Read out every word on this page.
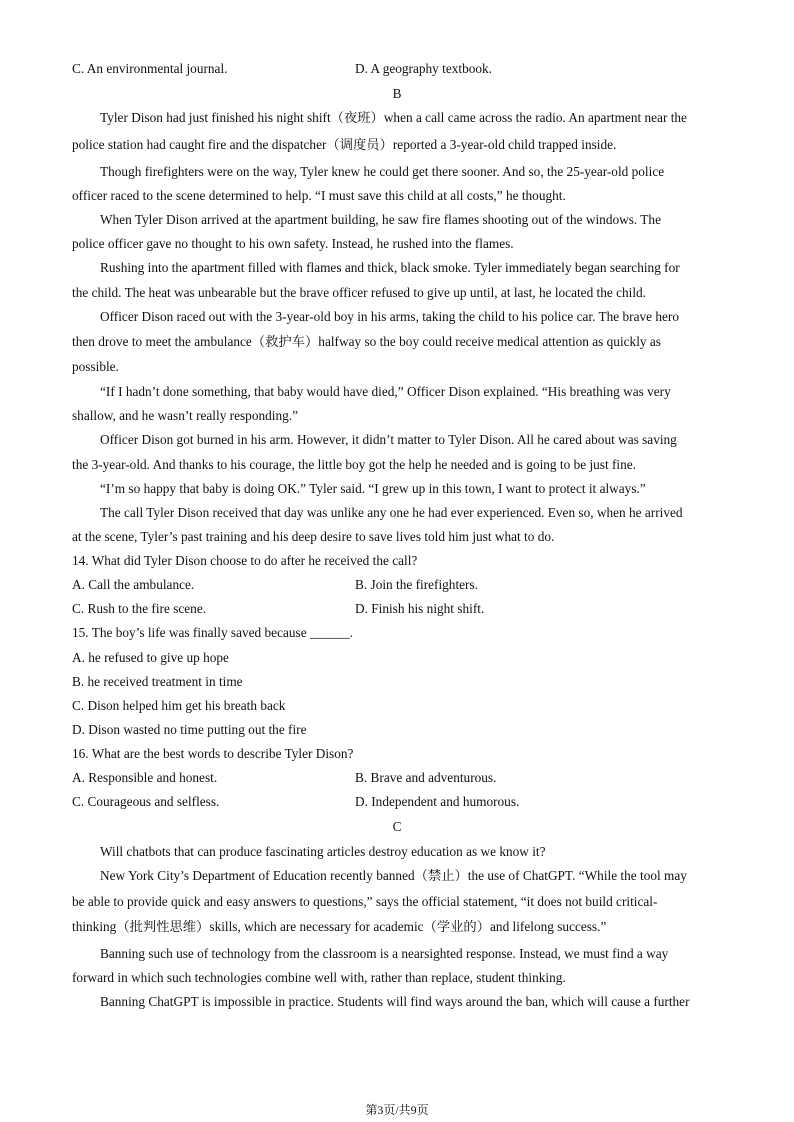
C. An environmental journal.	D. A geography textbook.
B
Tyler Dison had just finished his night shift（夜班）when a call came across the radio. An apartment near the
police station had caught fire and the dispatcher（调度员）reported a 3-year-old child trapped inside.
Though firefighters were on the way, Tyler knew he could get there sooner. And so, the 25-year-old police
officer raced to the scene determined to help. “I must save this child at all costs,” he thought.
When Tyler Dison arrived at the apartment building, he saw fire flames shooting out of the windows. The
police officer gave no thought to his own safety. Instead, he rushed into the flames.
Rushing into the apartment filled with flames and thick, black smoke. Tyler immediately began searching for
the child. The heat was unbearable but the brave officer refused to give up until, at last, he located the child.
Officer Dison raced out with the 3-year-old boy in his arms, taking the child to his police car. The brave hero
then drove to meet the ambulance（救护车）halfway so the boy could receive medical attention as quickly as
possible.
“If I hadn’t done something, that baby would have died,” Officer Dison explained. “His breathing was very
shallow, and he wasn’t really responding.”
Officer Dison got burned in his arm. However, it didn’t matter to Tyler Dison. All he cared about was saving
the 3-year-old. And thanks to his courage, the little boy got the help he needed and is going to be just fine.
“I’m so happy that baby is doing OK.” Tyler said. “I grew up in this town, I want to protect it always.”
The call Tyler Dison received that day was unlike any one he had ever experienced. Even so, when he arrived
at the scene, Tyler’s past training and his deep desire to save lives told him just what to do.
14. What did Tyler Dison choose to do after he received the call?
A. Call the ambulance.	B. Join the firefighters.
C. Rush to the fire scene.	D. Finish his night shift.
15. The boy’s life was finally saved because ______.
A. he refused to give up hope
B. he received treatment in time
C. Dison helped him get his breath back
D. Dison wasted no time putting out the fire
16. What are the best words to describe Tyler Dison?
A. Responsible and honest.	B. Brave and adventurous.
C. Courageous and selfless.	D. Independent and humorous.
C
Will chatbots that can produce fascinating articles destroy education as we know it?
New York City’s Department of Education recently banned（禁止）the use of ChatGPT. “While the tool may
be able to provide quick and easy answers to questions,” says the official statement, “it does not build critical-
thinking（批判性思维）skills, which are necessary for academic（学业的）and lifelong success.”
Banning such use of technology from the classroom is a nearsighted response. Instead, we must find a way
forward in which such technologies combine well with, rather than replace, student thinking.
Banning ChatGPT is impossible in practice. Students will find ways around the ban, which will cause a further
第3页/共9页
